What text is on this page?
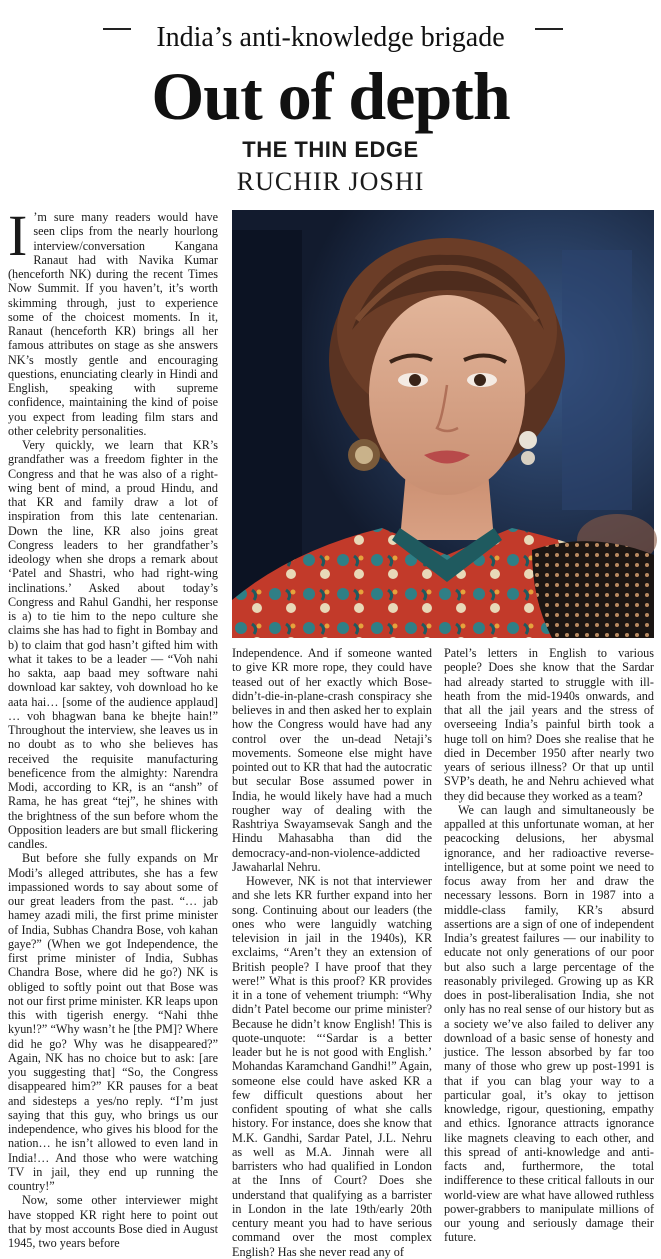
India’s anti-knowledge brigade
Out of depth
THE THIN EDGE
RUCHIR JOSHI

I ’m sure many readers would have seen clips from the nearly hourlong interview/conversation Kangana Ranaut had with Navika Kumar (henceforth NK) during the recent Times Now Summit. If you haven’t, it’s worth skimming through, just to experience some of the choicest moments. In it, Ranaut (henceforth KR) brings all her famous attributes on stage as she answers NK’s mostly gentle and encouraging questions, enunciating clearly in Hindi and English, speaking with supreme confidence, maintaining the kind of poise you expect from leading film stars and other celebrity personalities.

Very quickly, we learn that KR’s grandfather was a freedom fighter in the Congress and that he was also of a right-wing bent of mind, a proud Hindu, and that KR and family draw a lot of inspiration from this late centenarian. Down the line, KR also joins great Congress leaders to her grandfather’s ideology when she drops a remark about ‘Patel and Shastri, who had right-wing inclinations.’ Asked about today’s Congress and Rahul Gandhi, her response is a) to tie him to the nepo culture she claims she has had to fight in Bombay and b) to claim that god hasn’t gifted him with what it takes to be a leader — “Voh nahi ho sakta, aap baad mey software nahi download kar saktey, voh download ho ke aata hai… [some of the audience applaud] … voh bhagwan bana ke bhejte hain!” Throughout the interview, she leaves us in no doubt as to who she believes has received the requisite manufacturing beneficence from the almighty: Narendra Modi, according to KR, is an “ansh” of Rama, he has great “tej”, he shines with the brightness of the sun before whom the Opposition leaders are but small flickering candles.

But before she fully expands on Mr Modi’s alleged attributes, she has a few impassioned words to say about some of our great leaders from the past. “… jab hamey azadi mili, the first prime minister of India, Subhas Chandra Bose, voh kahan gaye?” (When we got Independence, the first prime minister of India, Subhas Chandra Bose, where did he go?) NK is obliged to softly point out that Bose was not our first prime minister. KR leaps upon this with tigerish energy. “Nahi thhe kyun!?” “Why wasn’t he [the PM]? Where did he go? Why was he disappeared?” Again, NK has no choice but to ask: [are you suggesting that] “So, the Congress disappeared him?” KR pauses for a beat and sidesteps a yes/no reply. “I’m just saying that this guy, who brings us our independence, who gives his blood for the nation… he isn’t allowed to even land in India!… And those who were watching TV in jail, they end up running the country!”

Now, some other interviewer might have stopped KR right here to point out that by most accounts Bose died in August 1945, two years before

Independence. And if someone wanted to give KR more rope, they could have teased out of her exactly which Bose-didn’t-die-in-plane-crash conspiracy she believes in and then asked her to explain how the Congress would have had any control over the un-dead Netaji’s movements. Someone else might have pointed out to KR that had the autocratic but secular Bose assumed power in India, he would likely have had a much rougher way of dealing with the Rashtriya Swayamsevak Sangh and the Hindu Mahasabha than did the democracy-and-non-violence-addicted Jawaharlal Nehru.

However, NK is not that interviewer and she lets KR further expand into her song. Continuing about our leaders (the ones who were languidly watching television in jail in the 1940s), KR exclaims, “Aren’t they an extension of British people? I have proof that they were!” What is this proof? KR provides it in a tone of vehement triumph: “Why didn’t Patel become our prime minister? Because he didn’t know English! This is quote-unquote: “‘Sardar is a better leader but he is not good with English.’ Mohandas Karamchand Gandhi!” Again, someone else could have asked KR a few difficult questions about her confident spouting of what she calls history. For instance, does she know that M.K. Gandhi, Sardar Patel, J.L. Nehru as well as M.A. Jinnah were all barristers who had qualified in London at the Inns of Court? Does she understand that qualifying as a barrister in London in the late 19th/early 20th century meant you had to have serious command over the most complex English? Has she never read any of

Patel’s letters in English to various people? Does she know that the Sardar had already started to struggle with ill-heath from the mid-1940s onwards, and that all the jail years and the stress of overseeing India’s painful birth took a huge toll on him? Does she realise that he died in December 1950 after nearly two years of serious illness? Or that up until SVP’s death, he and Nehru achieved what they did because they worked as a team?

We can laugh and simultaneously be appalled at this unfortunate woman, at her peacocking delusions, her abysmal ignorance, and her radioactive reverse-intelligence, but at some point we need to focus away from her and draw the necessary lessons. Born in 1987 into a middle-class family, KR’s absurd assertions are a sign of one of independent India’s greatest failures — our inability to educate not only generations of our poor but also such a large percentage of the reasonably privileged. Growing up as KR does in post-liberalisation India, she not only has no real sense of our history but as a society we’ve also failed to deliver any download of a basic sense of honesty and justice. The lesson absorbed by far too many of those who grew up post-1991 is that if you can blag your way to a particular goal, it’s okay to jettison knowledge, rigour, questioning, empathy and ethics. Ignorance attracts ignorance like magnets cleaving to each other, and this spread of anti-knowledge and anti-facts and, furthermore, the total indifference to these critical fallouts in our world-view are what have allowed ruthless power-grabbers to manipulate millions of our young and seriously damage their future.
